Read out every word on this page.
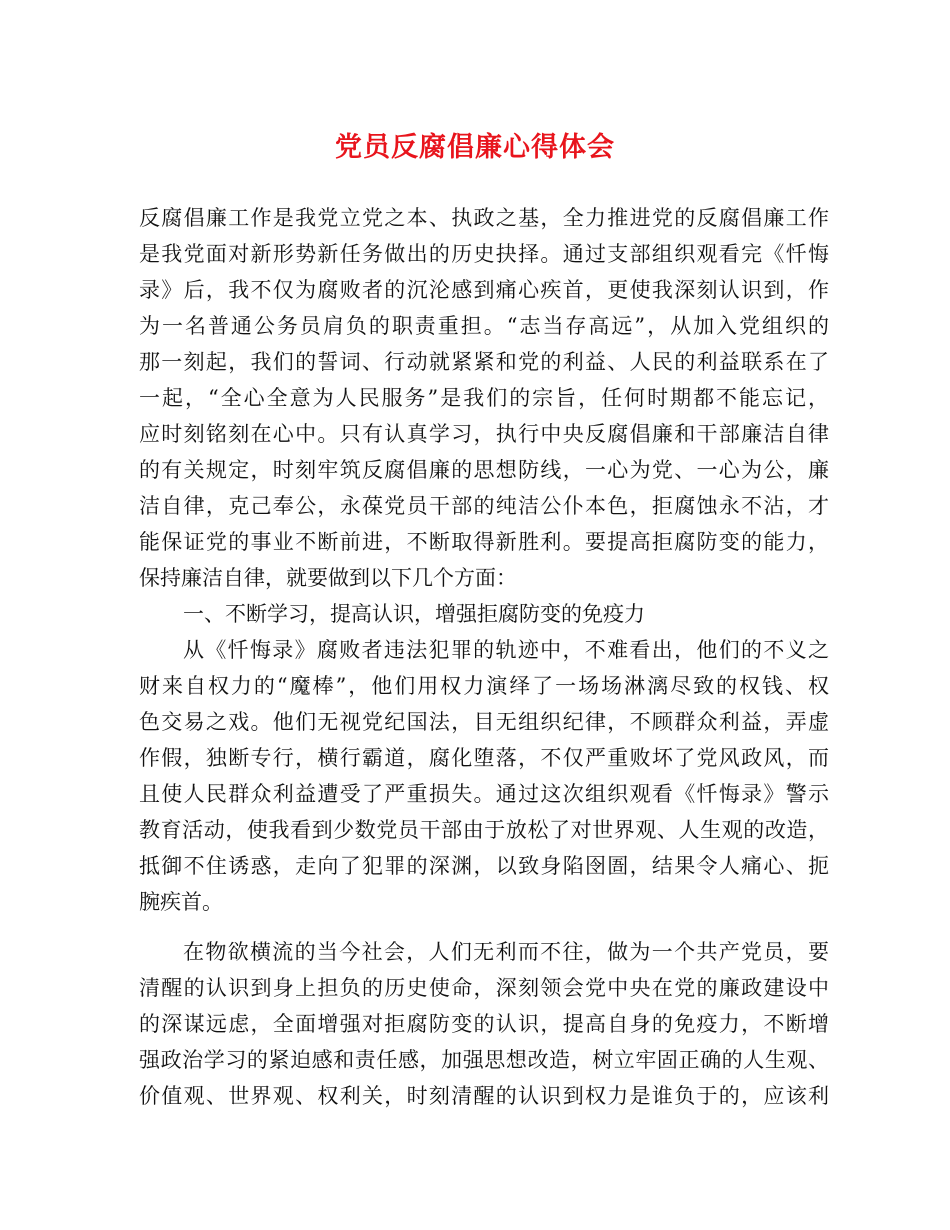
党员反腐倡廉心得体会
反腐倡廉工作是我党立党之本、执政之基，全力推进党的反腐倡廉工作
是我党面对新形势新任务做出的历史抉择。通过支部组织观看完《忏悔
录》后，我不仅为腐败者的沉沦感到痛心疾首，更使我深刻认识到，作
为一名普通公务员肩负的职责重担。“志当存高远”，从加入党组织的
那一刻起，我们的誓词、行动就紧紧和党的利益、人民的利益联系在了
一起，“全心全意为人民服务”是我们的宗旨，任何时期都不能忘记，
应时刻铭刻在心中。只有认真学习，执行中央反腐倡廉和干部廉洁自律
的有关规定，时刻牢筑反腐倡廉的思想防线，一心为党、一心为公，廉
洁自律，克己奉公，永葆党员干部的纯洁公仆本色，拒腐蚀永不沾，才
能保证党的事业不断前进，不断取得新胜利。要提高拒腐防变的能力，
保持廉洁自律，就要做到以下几个方面：
一、不断学习，提高认识，增强拒腐防变的免疫力
从《忏悔录》腐败者违法犯罪的轨迹中，不难看出，他们的不义之
财来自权力的“魔棒”，他们用权力演绎了一场场淋漓尽致的权钱、权
色交易之戏。他们无视党纪国法，目无组织纪律，不顾群众利益，弄虚
作假，独断专行，横行霸道，腐化堕落，不仅严重败坏了党风政风，而
且使人民群众利益遭受了严重损失。通过这次组织观看《忏悔录》警示
教育活动，使我看到少数党员干部由于放松了对世界观、人生观的改造，
抵御不住诱惑，走向了犯罪的深渊，以致身陷囹圄，结果令人痛心、扼
腕疾首。
在物欲横流的当今社会，人们无利而不往，做为一个共产党员，要
清醒的认识到身上担负的历史使命，深刻领会党中央在党的廉政建设中
的深谋远虑，全面增强对拒腐防变的认识，提高自身的免疫力，不断增
强政治学习的紧迫感和责任感，加强思想改造，树立牢固正确的人生观、
价值观、世界观、权利关，时刻清醒的认识到权力是谁负于的，应该利
